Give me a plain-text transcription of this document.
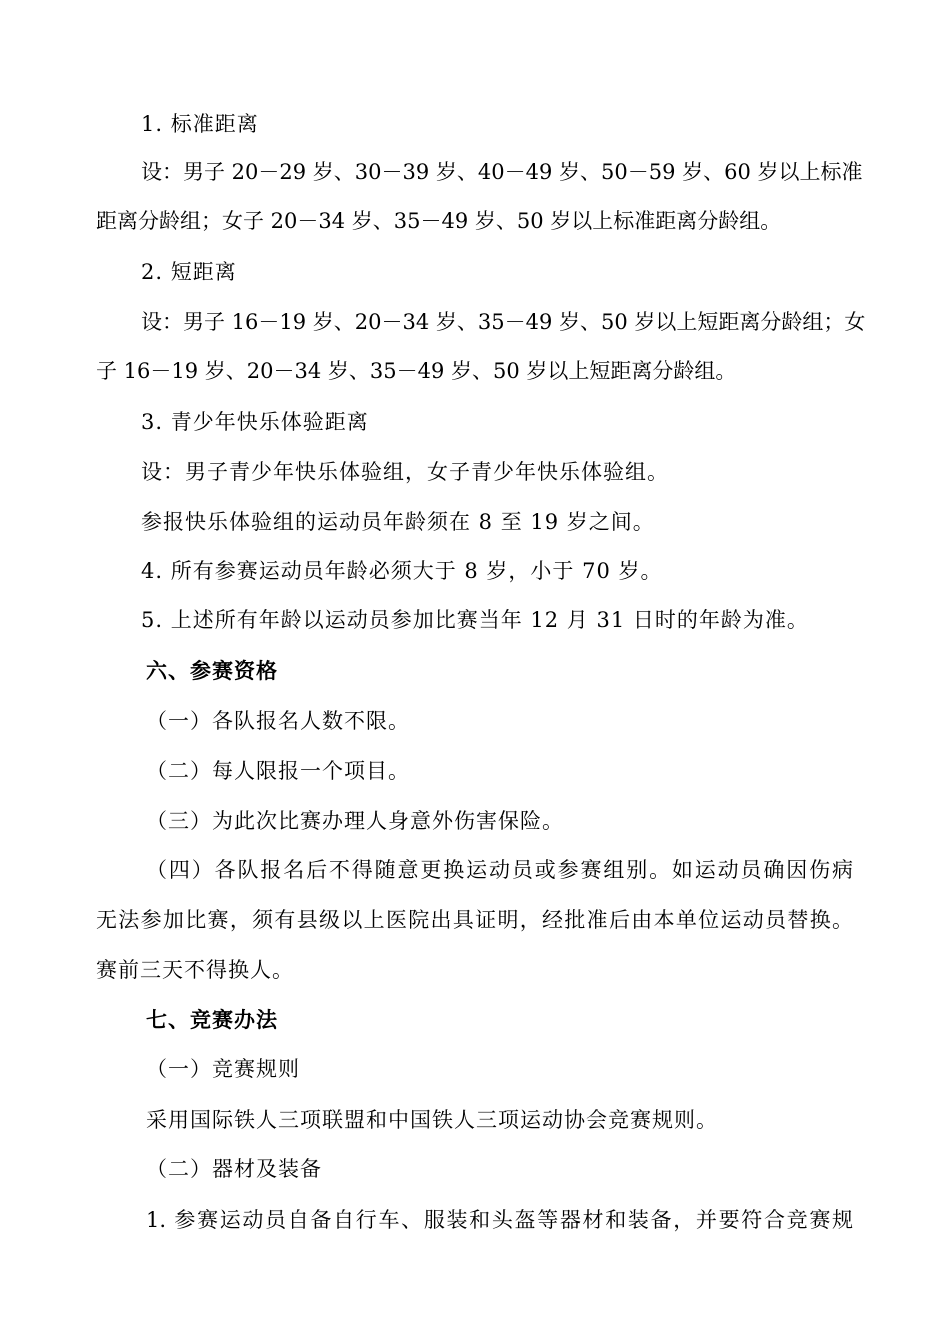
1. 标准距离
设：男子 20－29 岁、30－39 岁、40－49 岁、50－59 岁、60 岁以上标准
距离分龄组；女子 20－34 岁、35－49 岁、50 岁以上标准距离分龄组。
2. 短距离
设：男子 16－19 岁、20－34 岁、35－49 岁、50 岁以上短距离分龄组；女
子 16－19 岁、20－34 岁、35－49 岁、50 岁以上短距离分龄组。
3. 青少年快乐体验距离
设：男子青少年快乐体验组，女子青少年快乐体验组。
参报快乐体验组的运动员年龄须在 8 至 19 岁之间。
4. 所有参赛运动员年龄必须大于 8 岁，小于 70 岁。
5. 上述所有年龄以运动员参加比赛当年 12 月 31 日时的年龄为准。
六、参赛资格
（一）各队报名人数不限。
（二）每人限报一个项目。
（三）为此次比赛办理人身意外伤害保险。
（四）各队报名后不得随意更换运动员或参赛组别。如运动员确因伤病
无法参加比赛，须有县级以上医院出具证明，经批准后由本单位运动员替换。
赛前三天不得换人。
七、竞赛办法
（一）竞赛规则
采用国际铁人三项联盟和中国铁人三项运动协会竞赛规则。
（二）器材及装备
1. 参赛运动员自备自行车、服装和头盔等器材和装备，并要符合竞赛规
